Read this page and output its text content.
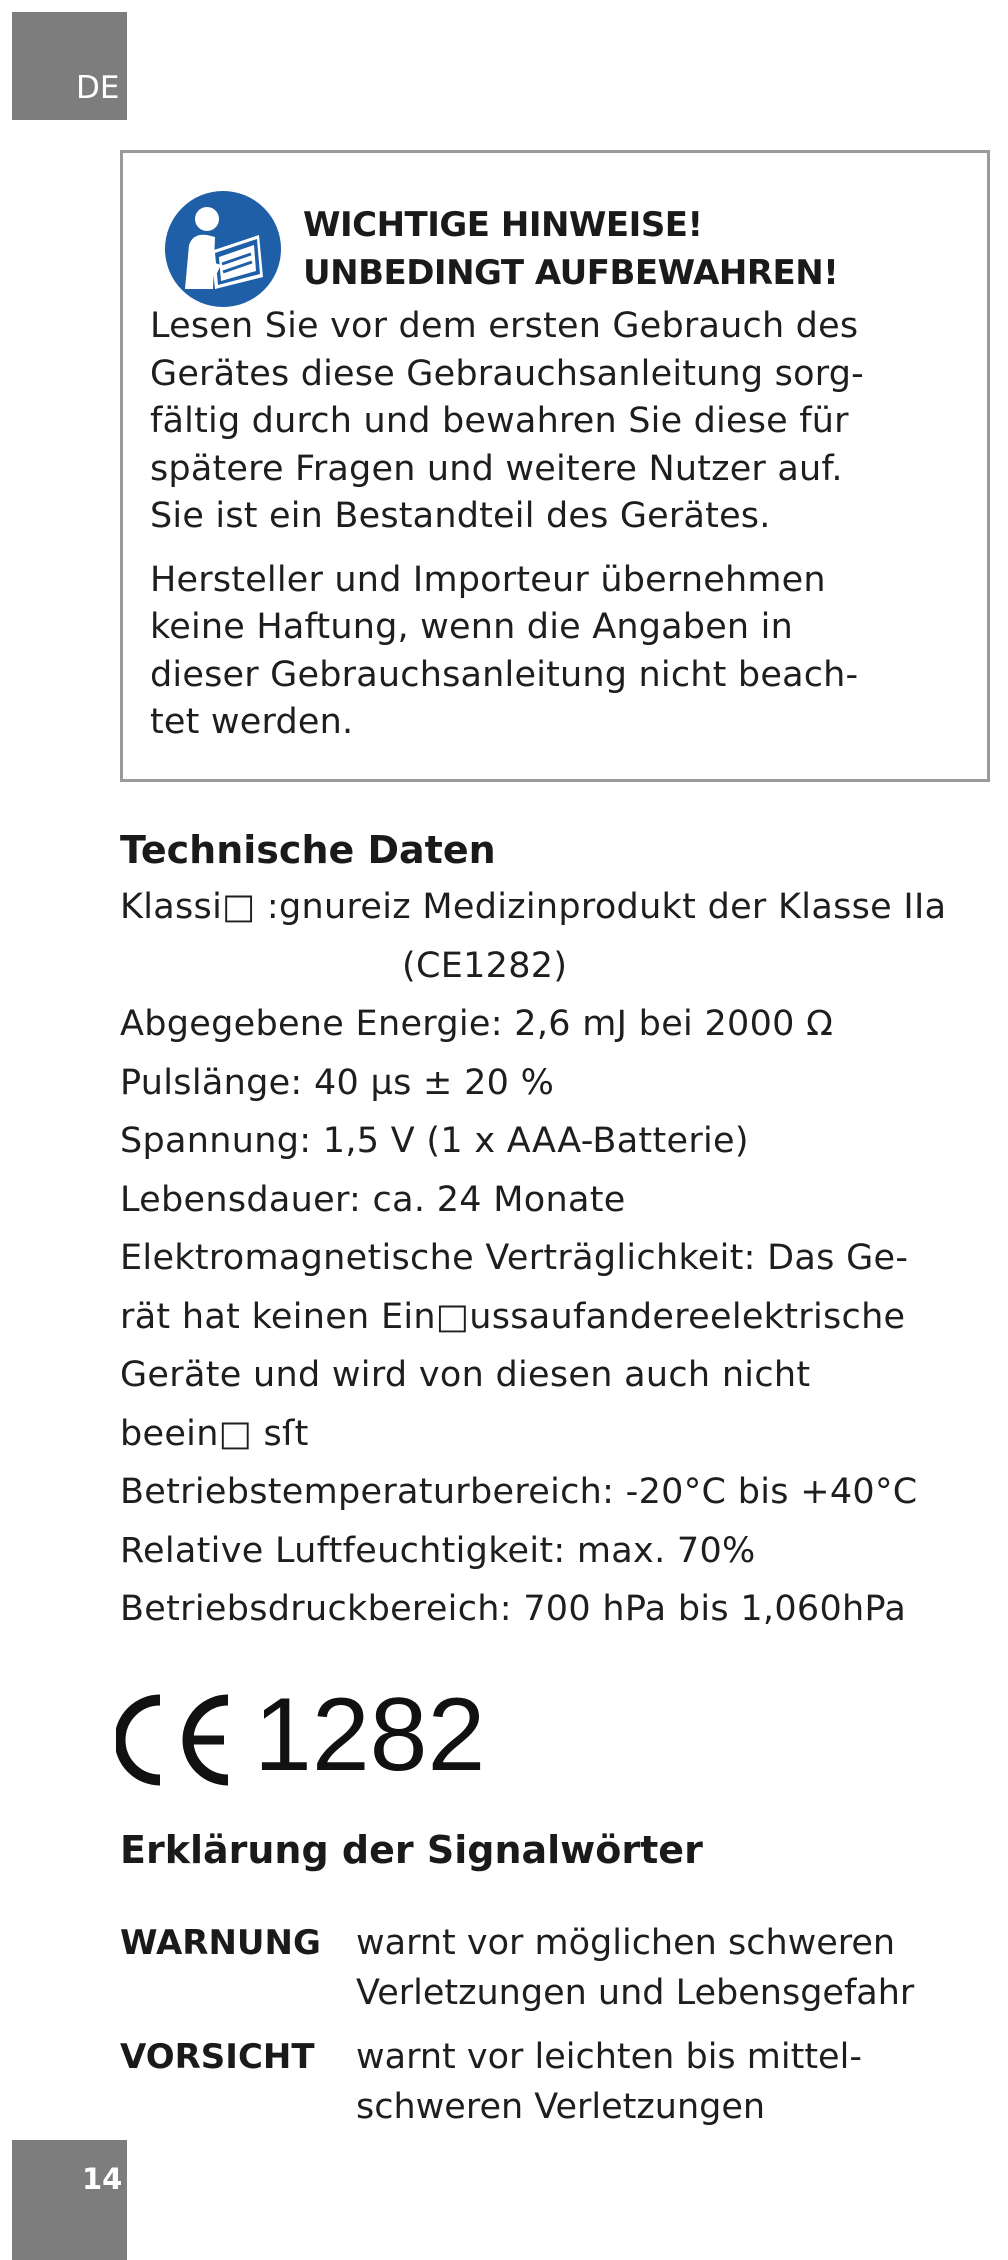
DE
WICHTIGE HINWEISE!
UNBEDINGT AUFBEWAHREN!

Lesen Sie vor dem ersten Gebrauch des

Gerätes diese Gebrauchsanleitung sorg-

fältig durch und bewahren Sie diese für

spätere Fragen und weitere Nutzer auf.

Sie ist ein Bestandteil des Gerätes.

Hersteller und Importeur übernehmen

keine Haftung, wenn die Angaben in

dieser Gebrauchsanleitung nicht beach-

tet werden.

Technische Daten
Klassi□ :gnureiz Medizinprodukt der Klasse IIa
(CE1282)
Abgegebene Energie: 2,6 mJ bei 2000 Ω
Pulslänge: 40 µs ± 20 %
Spannung: 1,5 V (1 x AAA-Batterie)
Lebensdauer: ca. 24 Monate
Elektromagnetische Verträglichkeit: Das Ge-
rät hat keinen Ein□ussaufandereelektrische
Geräte und wird von diesen auch nicht
beein□ sſt
Betriebstemperaturbereich: -20°C bis +40°C
Relative Luftfeuchtigkeit: max. 70%
Betriebsdruckbereich: 700 hPa bis 1,060hPa
1282
Erklärung der Signalwörter
WARNUNG warnt vor möglichen schweren
Verletzungen und Lebensgefahr
VORSICHT warnt vor leichten bis mittel-
schweren Verletzungen
14
